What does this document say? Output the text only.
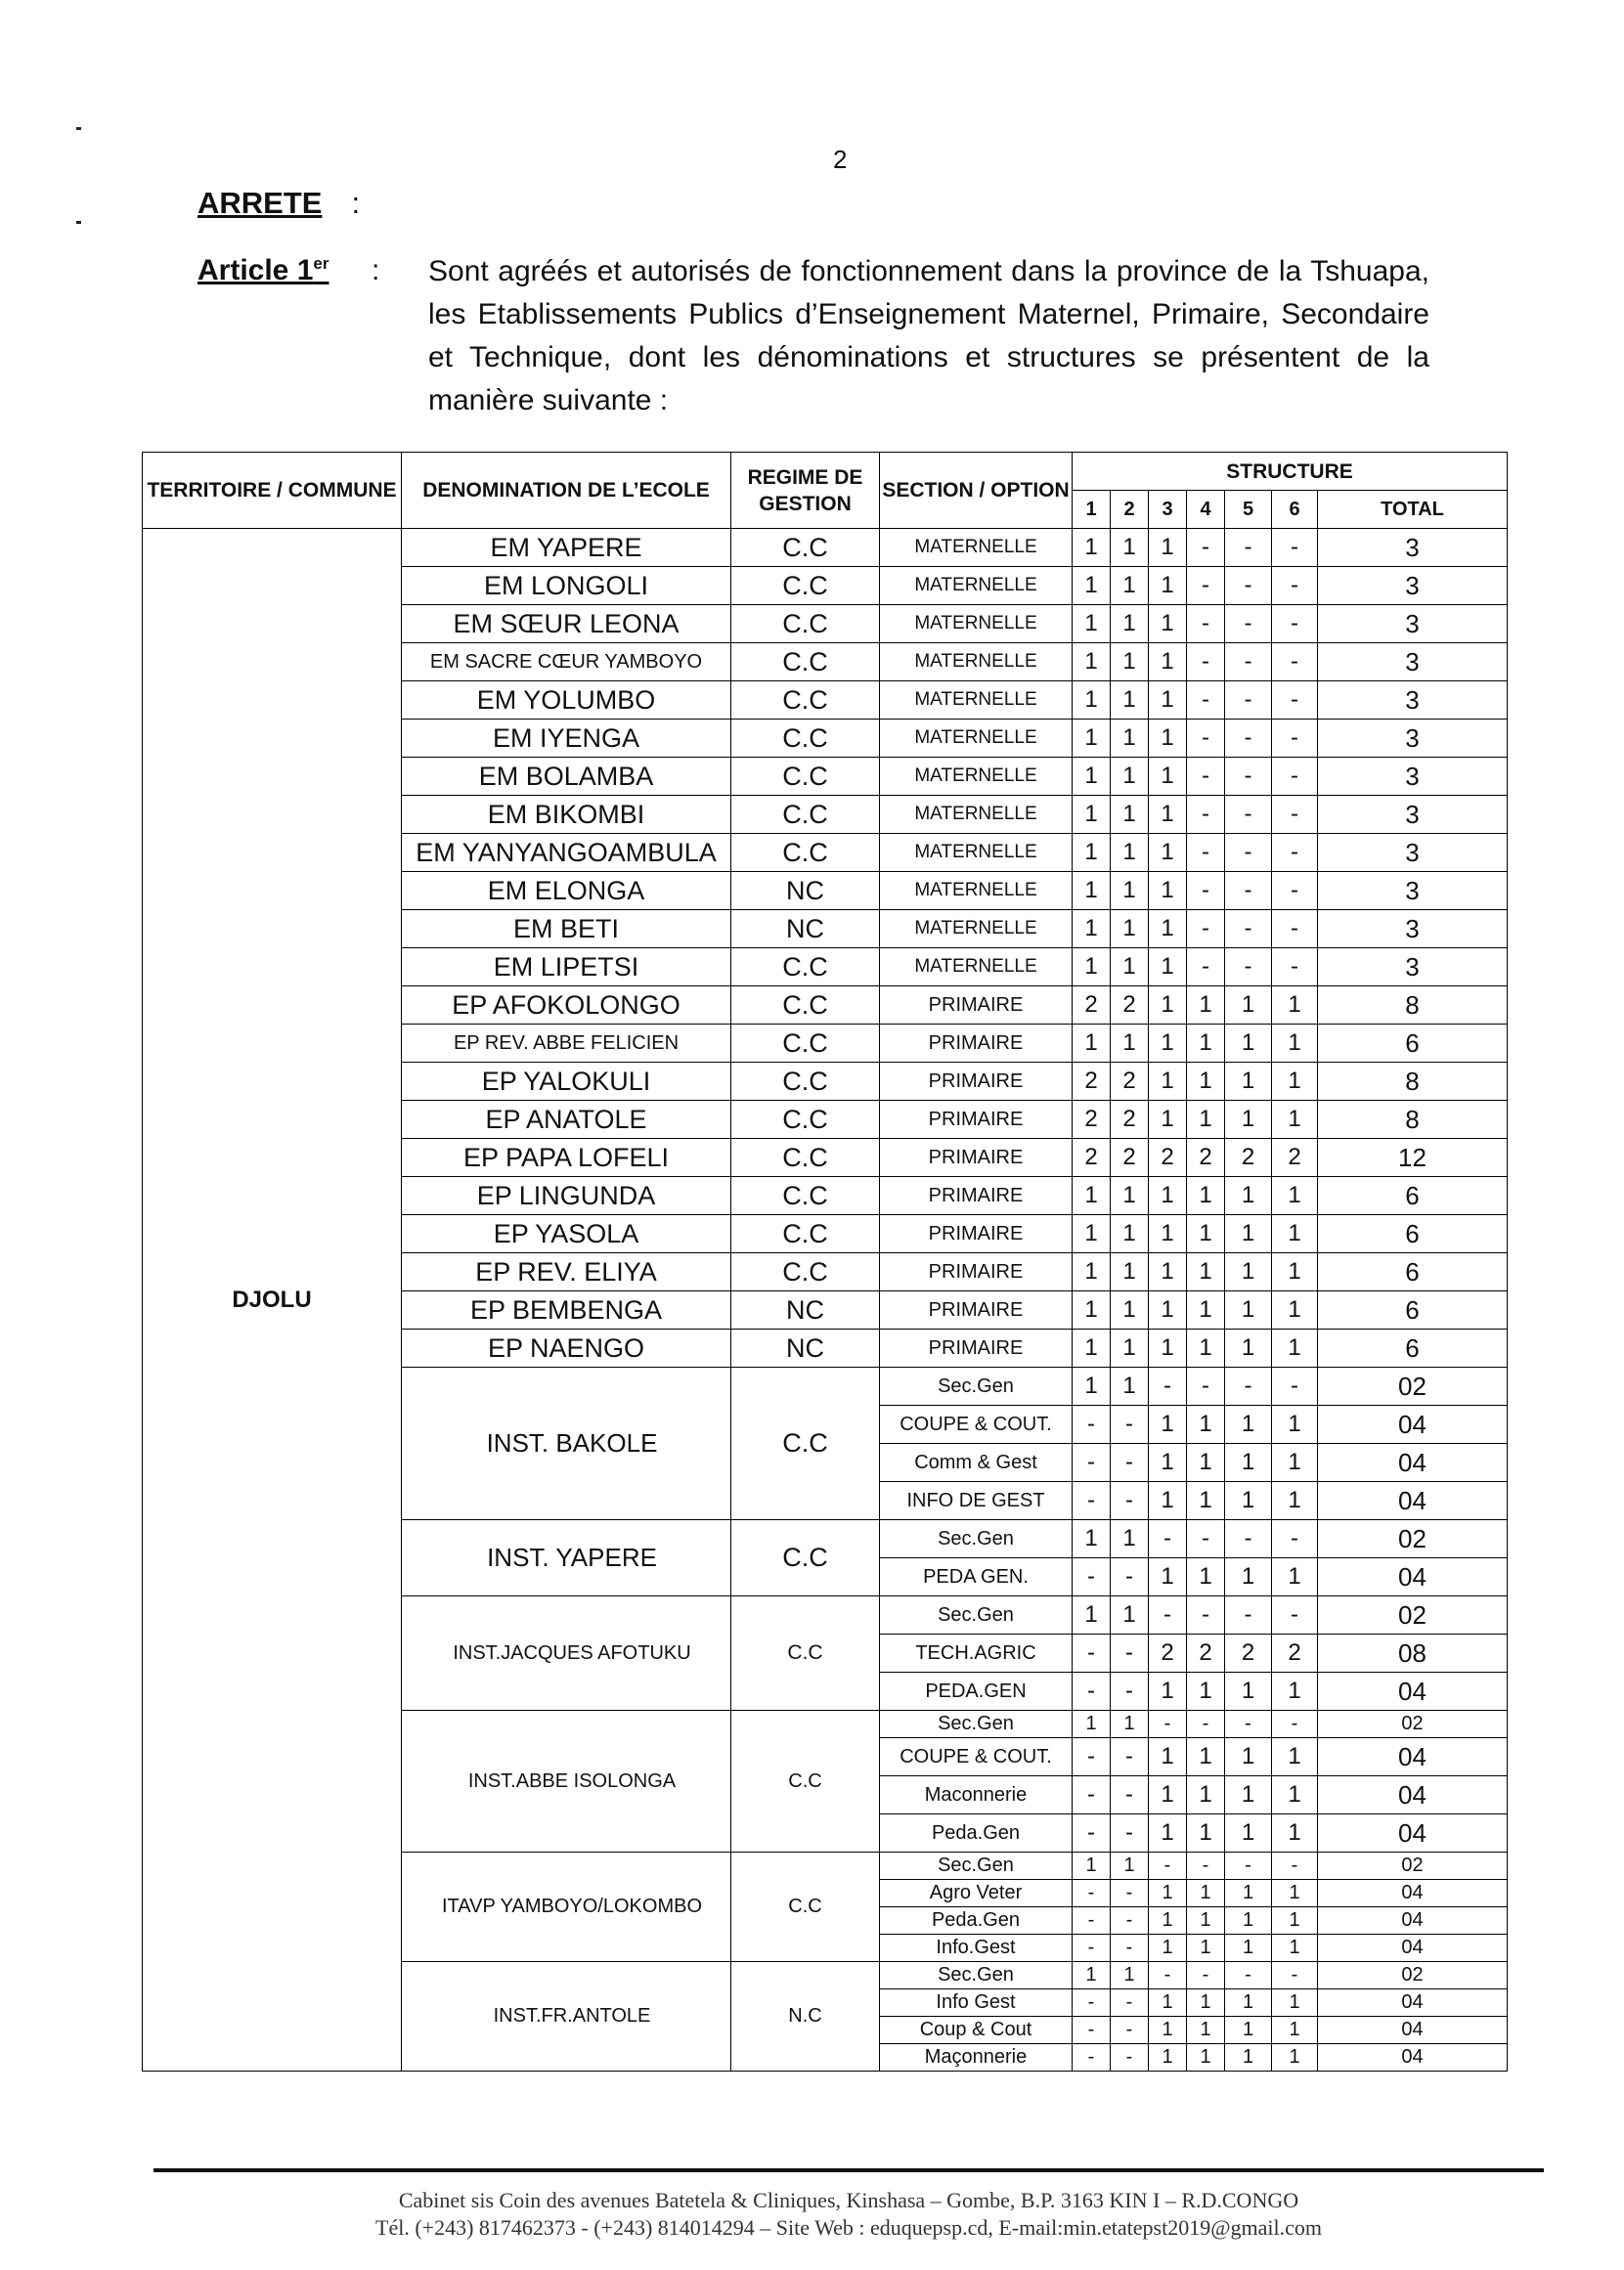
2
ARRETE :
Article 1er : Sont agréés et autorisés de fonctionnement dans la province de la Tshuapa, les Etablissements Publics d’Enseignement Maternel, Primaire, Secondaire et Technique, dont les dénominations et structures se présentent de la manière suivante :
TERRITOIRE / COMMUNE	DENOMINATION DE L’ECOLE	REGIME DE GESTION	SECTION / OPTION	STRUCTURE						
				1	2	3	4	5	6	TOTAL
DJOLU	EM YAPERE	C.C	MATERNELLE	1	1	1	-	-	-	3
	EM LONGOLI	C.C	MATERNELLE	1	1	1	-	-	-	3
	EM SŒUR LEONA	C.C	MATERNELLE	1	1	1	-	-	-	3
	EM SACRE CŒUR YAMBOYO	C.C	MATERNELLE	1	1	1	-	-	-	3
	EM YOLUMBO	C.C	MATERNELLE	1	1	1	-	-	-	3
	EM IYENGA	C.C	MATERNELLE	1	1	1	-	-	-	3
	EM BOLAMBA	C.C	MATERNELLE	1	1	1	-	-	-	3
	EM BIKOMBI	C.C	MATERNELLE	1	1	1	-	-	-	3
	EM YANYANGOAMBULA	C.C	MATERNELLE	1	1	1	-	-	-	3
	EM ELONGA	NC	MATERNELLE	1	1	1	-	-	-	3
	EM BETI	NC	MATERNELLE	1	1	1	-	-	-	3
	EM LIPETSI	C.C	MATERNELLE	1	1	1	-	-	-	3
	EP AFOKOLONGO	C.C	PRIMAIRE	2	2	1	1	1	1	8
	EP REV. ABBE FELICIEN	C.C	PRIMAIRE	1	1	1	1	1	1	6
	EP YALOKULI	C.C	PRIMAIRE	2	2	1	1	1	1	8
	EP ANATOLE	C.C	PRIMAIRE	2	2	1	1	1	1	8
	EP PAPA LOFELI	C.C	PRIMAIRE	2	2	2	2	2	2	12
	EP LINGUNDA	C.C	PRIMAIRE	1	1	1	1	1	1	6
	EP YASOLA	C.C	PRIMAIRE	1	1	1	1	1	1	6
	EP REV. ELIYA	C.C	PRIMAIRE	1	1	1	1	1	1	6
	EP BEMBENGA	NC	PRIMAIRE	1	1	1	1	1	1	6
	EP NAENGO	NC	PRIMAIRE	1	1	1	1	1	1	6
	INST. BAKOLE	C.C	Sec.Gen	1	1	-	-	-	-	02
			COUPE & COUT.	-	-	1	1	1	1	04
			Comm & Gest	-	-	1	1	1	1	04
			INFO DE GEST	-	-	1	1	1	1	04
	INST. YAPERE	C.C	Sec.Gen	1	1	-	-	-	-	02
			PEDA GEN.	-	-	1	1	1	1	04
	INST.JACQUES AFOTUKU	C.C	Sec.Gen	1	1	-	-	-	-	02
			TECH.AGRIC	-	-	2	2	2	2	08
			PEDA.GEN	-	-	1	1	1	1	04
	INST.ABBE ISOLONGA	C.C	Sec.Gen	1	1	-	-	-	-	02
			COUPE & COUT.	-	-	1	1	1	1	04
			Maconnerie	-	-	1	1	1	1	04
			Peda.Gen	-	-	1	1	1	1	04
	ITAVP YAMBOYO/LOKOMBO	C.C	Sec.Gen	1	1	-	-	-	-	02
			Agro Veter	-	-	1	1	1	1	04
			Peda.Gen	-	-	1	1	1	1	04
			Info.Gest	-	-	1	1	1	1	04
	INST.FR.ANTOLE	N.C	Sec.Gen	1	1	-	-	-	-	02
			Info Gest	-	-	1	1	1	1	04
			Coup & Cout	-	-	1	1	1	1	04
			Maçonnerie	-	-	1	1	1	1	04
Cabinet sis Coin des avenues Batetela & Cliniques, Kinshasa – Gombe, B.P. 3163 KIN I – R.D.CONGO
Tél. (+243) 817462373 - (+243) 814014294 – Site Web : eduquepsp.cd, E-mail:min.etatepst2019@gmail.com
